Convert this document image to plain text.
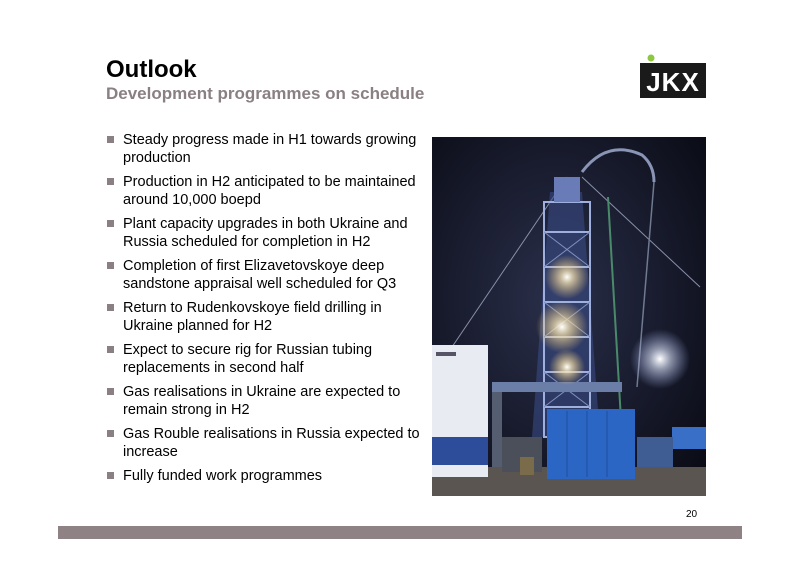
Outlook
Development programmes on schedule	JKX
Steady progress made in H1 towards growing production
Production in H2 anticipated to be maintained around 10,000 boepd
Plant capacity upgrades in both Ukraine and Russia scheduled for completion in H2
Completion of first Elizavetovskoye deep sandstone appraisal well scheduled for Q3
Return to Rudenkovskoye field drilling in Ukraine planned for H2
Expect to secure rig for Russian tubing replacements in second half
Gas realisations in Ukraine are expected to remain strong in H2
Gas Rouble realisations in Russia expected to increase
Fully funded work programmes
20
